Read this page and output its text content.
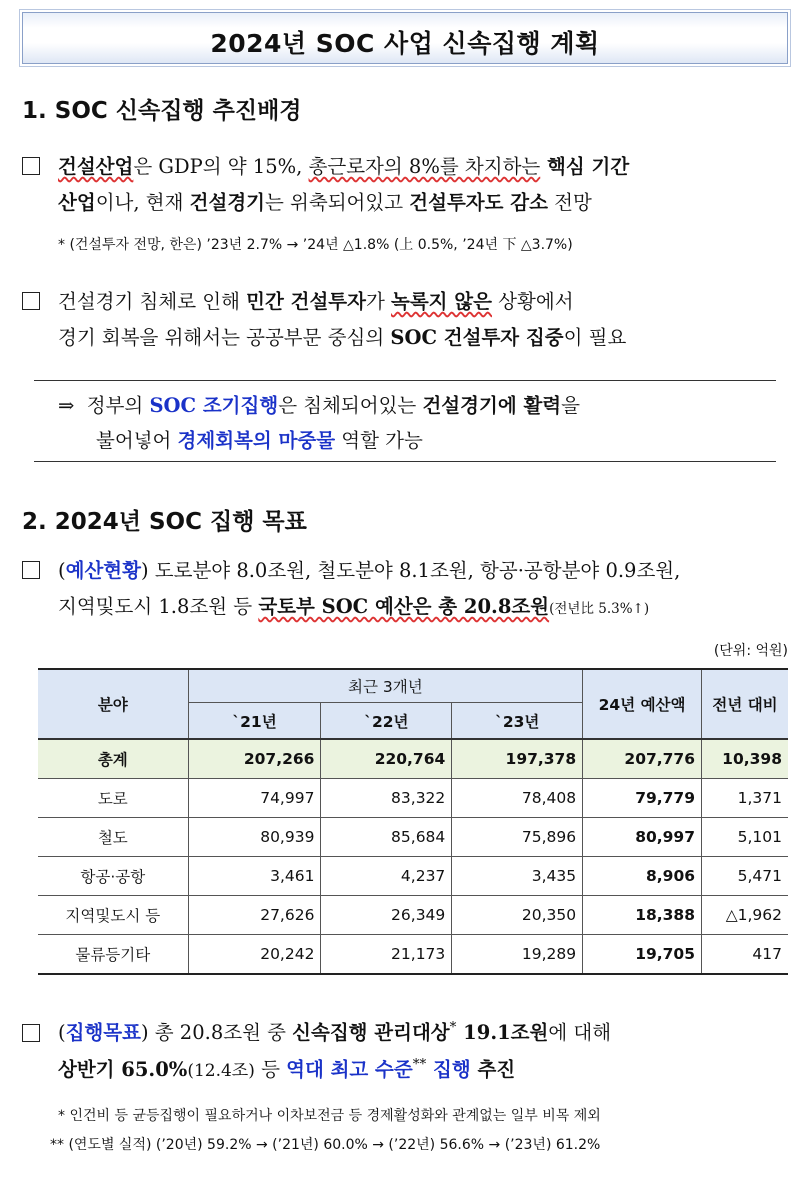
2024년 SOC 사업 신속집행 계획
1. SOC 신속집행 추진배경
건설산업은 GDP의 약 15%, 총근로자의 8%를 차지하는 핵심 기간
산업이나, 현재 건설경기는 위축되어있고 건설투자도 감소 전망
* (건설투자 전망, 한은) ’23년 2.7% → ’24년 △1.8% (上 0.5%, ’24년 下 △3.7%)
건설경기 침체로 인해 민간 건설투자가 녹록지 않은 상황에서
경기 회복을 위해서는 공공부문 중심의 SOC 건설투자 집중이 필요
⇒ 정부의 SOC 조기집행은 침체되어있는 건설경기에 활력을
불어넣어 경제회복의 마중물 역할 가능
2. 2024년 SOC 집행 목표
(예산현황) 도로분야 8.0조원, 철도분야 8.1조원, 항공·공항분야 0.9조원,
지역및도시 1.8조원 등 국토부 SOC 예산은 총 20.8조원(전년比 5.3%↑)
(단위: 억원)
분야	최근 3개년			24년 예산액	전년 대비
	`21년	`22년	`23년		
총계	207,266	220,764	197,378	207,776	10,398
도로	74,997	83,322	78,408	79,779	1,371
철도	80,939	85,684	75,896	80,997	5,101
항공·공항	3,461	4,237	3,435	8,906	5,471
지역및도시 등	27,626	26,349	20,350	18,388	△1,962
물류등기타	20,242	21,173	19,289	19,705	417
(집행목표) 총 20.8조원 중 신속집행 관리대상* 19.1조원에 대해
상반기 65.0%(12.4조) 등 역대 최고 수준** 집행 추진
* 인건비 등 균등집행이 필요하거나 이차보전금 등 경제활성화와 관계없는 일부 비목 제외
** (연도별 실적) (’20년) 59.2% → (’21년) 60.0% → (’22년) 56.6% → (’23년) 61.2%
